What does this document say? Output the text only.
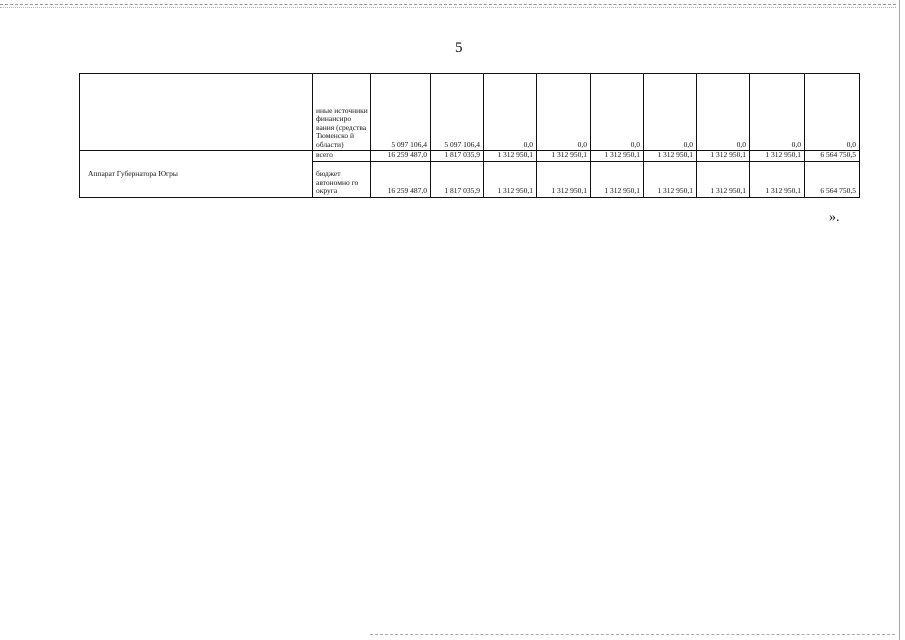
5
	иные источники финансиро вания (средства Тюменско й области)	5 097 106,4	5 097 106,4	0,0	0,0	0,0	0,0	0,0	0,0	0,0
Аппарат Губернатора Югры	всего	16 259 487,0	1 817 035,9	1 312 950,1	1 312 950,1	1 312 950,1	1 312 950,1	1 312 950,1	1 312 950,1	6 564 750,5
	бюджет автономно го округа	16 259 487,0	1 817 035,9	1 312 950,1	1 312 950,1	1 312 950,1	1 312 950,1	1 312 950,1	1 312 950,1	6 564 750,5
».
